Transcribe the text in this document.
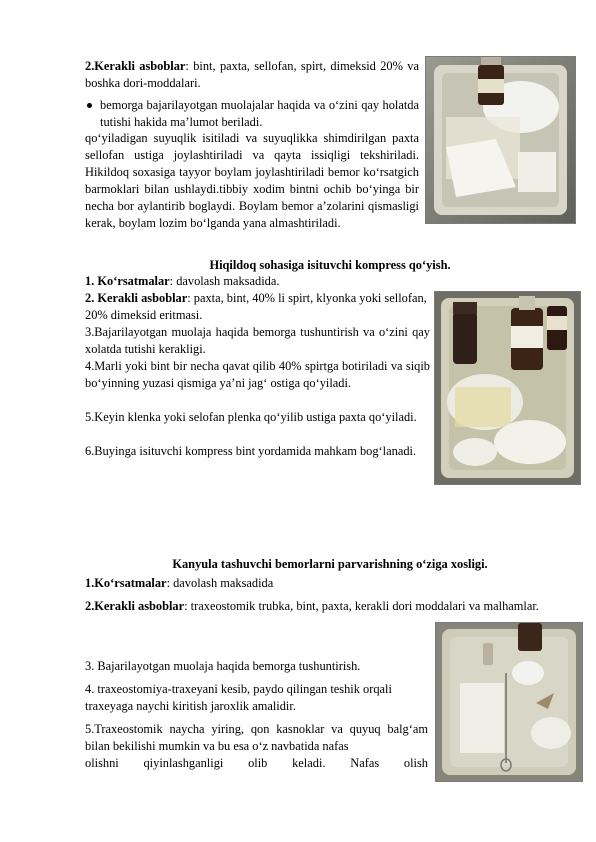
2.Kerakli asboblar: bint, paxta, sellofan, spirt, dimeksid 20% va boshka dori-moddalari.

bemorga bajarilayotgan muolajalar haqida va o‘zini qay holatda tutishi hakida ma’lumot beriladi.

qo‘yiladigan suyuqlik isitiladi va suyuqlikka shimdirilgan paxta sellofan ustiga joylashtiriladi va qayta issiqligi tekshiriladi. Hikildoq soxasiga tayyor boylam joylashtiriladi bemor ko‘rsatgich barmoklari bilan ushlaydi.tibbiy xodim bintni ochib bo‘yinga bir necha bor aylantirib boglaydi. Boylam bemor a’zolarini qismasligi kerak, boylam lozim bo‘lganda yana almashtiriladi.

Hiqildoq sohasiga isituvchi kompress qo‘yish.

1. Ko‘rsatmalar: davolash maksadida.

2. Kerakli asboblar: paxta, bint, 40% li spirt, klyonka yoki sellofan, 20% dimeksid eritmasi.

3.Bajarilayotgan muolaja haqida bemorga tushuntirish va o‘zini qay xolatda tutishi kerakligi.

4.Marli yoki bint bir necha qavat qilib 40% spirtga botiriladi va siqib bo‘yinning yuzasi qismiga ya’ni jag‘ ostiga qo‘yiladi.

5.Keyin klenka yoki selofan plenka qo‘yilib ustiga paxta qo‘yiladi.

6.Buyinga isituvchi kompress bint yordamida mahkam bog‘lanadi.

Kanyula tashuvchi bemorlarni parvarishning o‘ziga xosligi.

1.Ko‘rsatmalar: davolash maksadida

2.Kerakli asboblar: traxeostomik trubka, bint, paxta, kerakli dori moddalari va malhamlar.

3. Bajarilayotgan muolaja haqida bemorga tushuntirish.

4. traxeostomiya-traxeyani kesib, paydo qilingan teshik orqali traxeyaga naychi kiritish jaroxlik amalidir.

5.Traxeostomik naycha yiring, qon kasnoklar va quyuq balg‘am bilan bekilishi mumkin va bu esa o‘z navbatida nafas

olishni qiyinlashganligi olib keladi. Nafas olish
